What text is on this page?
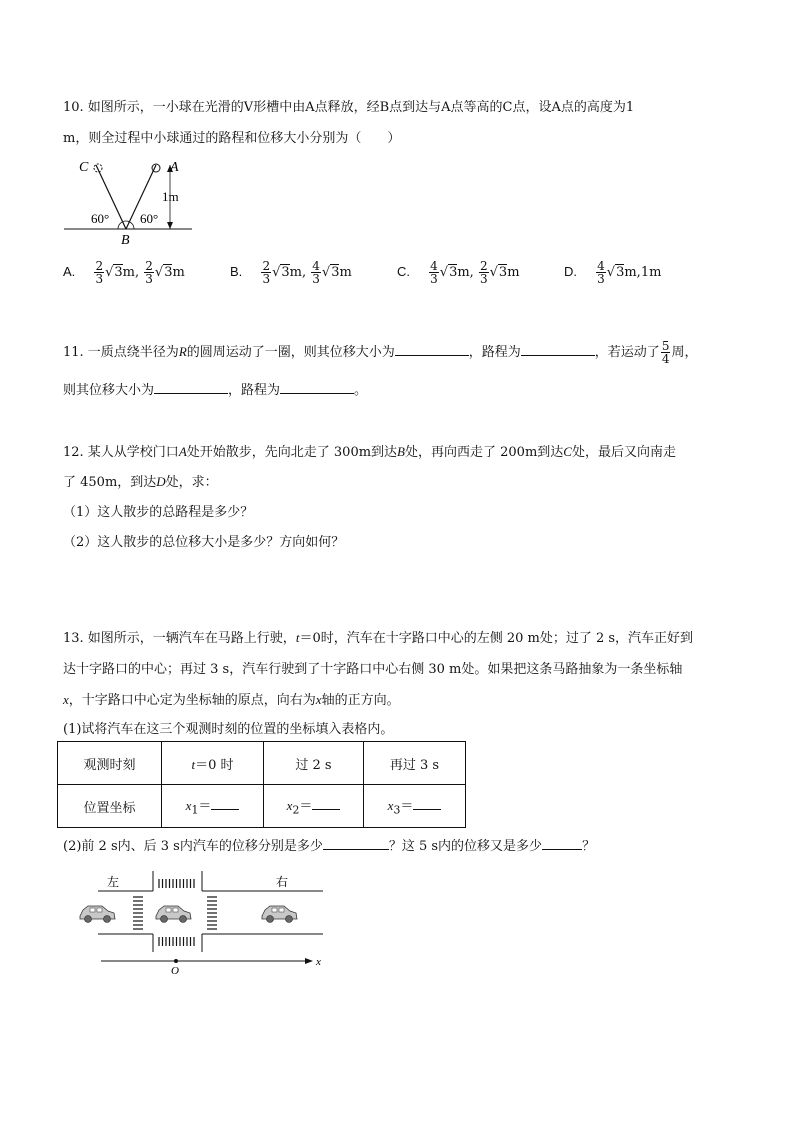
10. 如图所示，一小球在光滑的V形槽中由A点释放，经B点到达与A点等高的C点，设A点的高度为1
m，则全过程中小球通过的路程和位移大小分别为（　　）
C	A
B
60° 60°
1m
A. $\frac{2}{3} √3m$, $\frac{2}{3} √3m$	B. $\frac{2}{3} √3m$, $\frac{4}{3} √3m$	C. $\frac{4}{3} √3m$, $\frac{2}{3} √3m$	D. $\frac{4}{3} √3m,1m$
11. 一质点绕半径为R的圆周运动了一圈，则其位移大小为	，路程为	，若运动了 $\frac{5}{4}$ 周，
则其位移大小为	，路程为	。
12. 某人从学校门口A处开始散步，先向北走了 300m到达B处，再向西走了 200m到达C处，最后又向南走
了 450m，到达D处，求：
（1）这人散步的总路程是多少？
（2）这人散步的总位移大小是多少？方向如何？
13. 如图所示，一辆汽车在马路上行驶，t＝0时，汽车在十字路口中心的左侧 20 m处；过了 2 s，汽车正好到
达十字路口的中心；再过 3 s，汽车行驶到了十字路口中心右侧 30 m处。如果把这条马路抽象为一条坐标轴
x，十字路口中心定为坐标轴的原点，向右为x轴的正方向。
(1)试将汽车在这三个观测时刻的位置的坐标填入表格内。
观测时刻	t＝0 时	过 2 s	再过 3 s
位置坐标	$x_1=$	$x_2=$	$x_3=$
(2)前 2 s内、后 3 s内汽车的位移分别是多少	？这 5 s内的位移又是多少	？
左	右
O
x
